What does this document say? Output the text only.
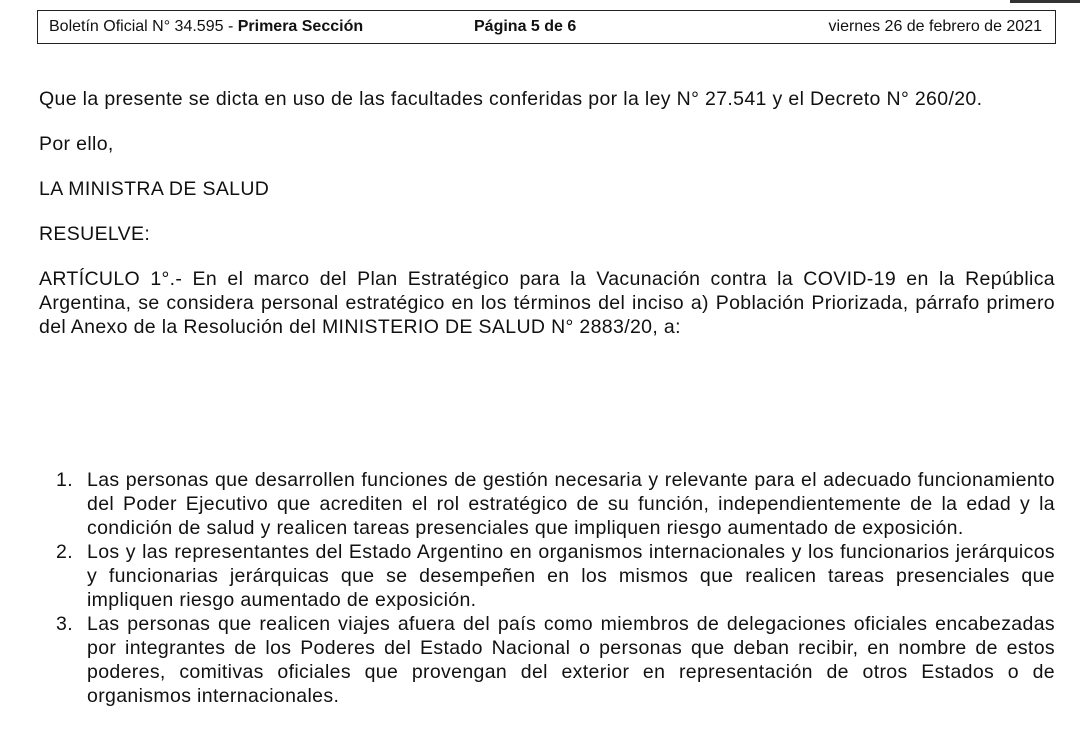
Boletín Oficial N° 34.595 - Primera Sección	Página 5 de 6	viernes 26 de febrero de 2021

Que la presente se dicta en uso de las facultades conferidas por la ley N° 27.541 y el Decreto N° 260/20.

Por ello,

LA MINISTRA DE SALUD

RESUELVE:

ARTÍCULO 1°.- En el marco del Plan Estratégico para la Vacunación contra la COVID-19 en la República Argentina, se considera personal estratégico en los términos del inciso a) Población Priorizada, párrafo primero del Anexo de la Resolución del MINISTERIO DE SALUD N° 2883/20, a:

1. Las personas que desarrollen funciones de gestión necesaria y relevante para el adecuado funcionamiento del Poder Ejecutivo que acrediten el rol estratégico de su función, independientemente de la edad y la condición de salud y realicen tareas presenciales que impliquen riesgo aumentado de exposición.
2. Los y las representantes del Estado Argentino en organismos internacionales y los funcionarios jerárquicos y funcionarias jerárquicas que se desempeñen en los mismos que realicen tareas presenciales que impliquen riesgo aumentado de exposición.
3. Las personas que realicen viajes afuera del país como miembros de delegaciones oficiales encabezadas por integrantes de los Poderes del Estado Nacional o personas que deban recibir, en nombre de estos poderes, comitivas oficiales que provengan del exterior en representación de otros Estados o de organismos internacionales.
